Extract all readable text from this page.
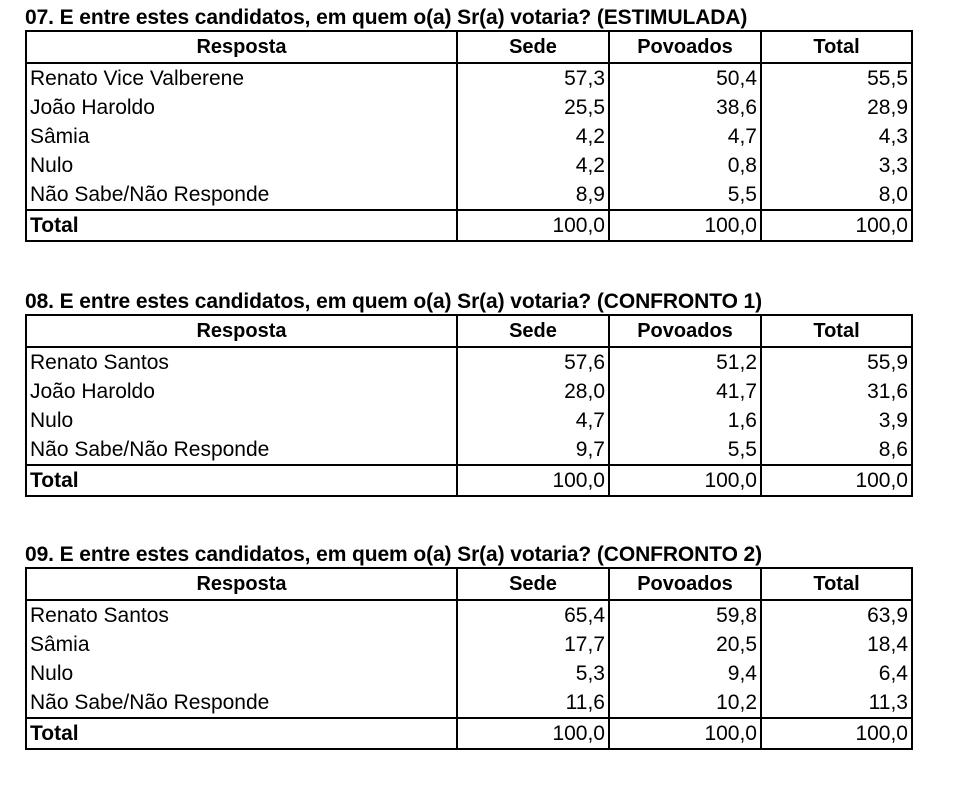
07. E entre estes candidatos, em quem o(a) Sr(a) votaria? (ESTIMULADA)
Resposta	Sede	Povoados	Total
Renato Vice Valberene	57,3	50,4	55,5
João Haroldo	25,5	38,6	28,9
Sâmia	4,2	4,7	4,3
Nulo	4,2	0,8	3,3
Não Sabe/Não Responde	8,9	5,5	8,0
Total	100,0	100,0	100,0
08. E entre estes candidatos, em quem o(a) Sr(a) votaria? (CONFRONTO 1)
Resposta	Sede	Povoados	Total
Renato Santos	57,6	51,2	55,9
João Haroldo	28,0	41,7	31,6
Nulo	4,7	1,6	3,9
Não Sabe/Não Responde	9,7	5,5	8,6
Total	100,0	100,0	100,0
09. E entre estes candidatos, em quem o(a) Sr(a) votaria? (CONFRONTO 2)
Resposta	Sede	Povoados	Total
Renato Santos	65,4	59,8	63,9
Sâmia	17,7	20,5	18,4
Nulo	5,3	9,4	6,4
Não Sabe/Não Responde	11,6	10,2	11,3
Total	100,0	100,0	100,0
